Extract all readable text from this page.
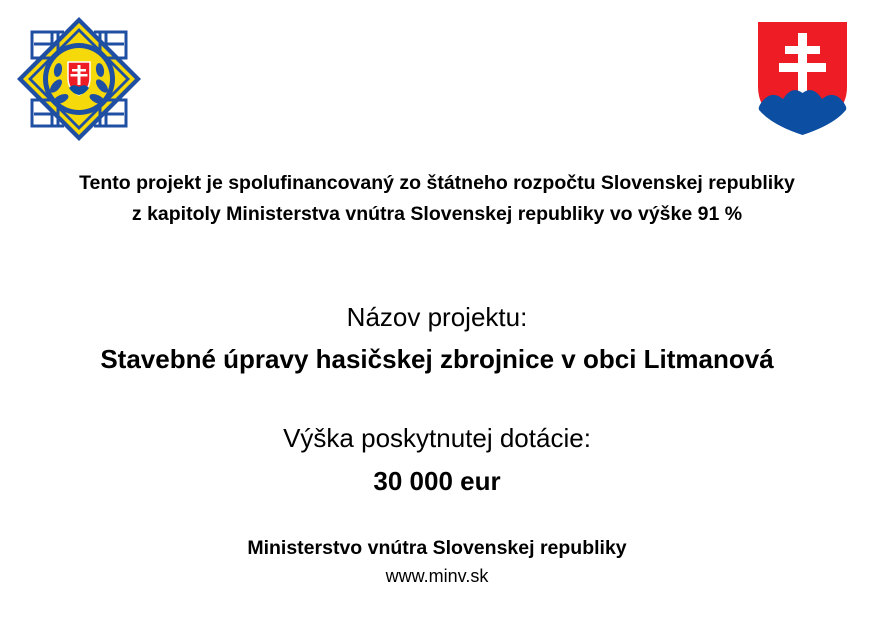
Tento projekt je spolufinancovaný zo štátneho rozpočtu Slovenskej republiky
z kapitoly Ministerstva vnútra Slovenskej republiky vo výške 91 %
Názov projektu:
Stavebné úpravy hasičskej zbrojnice v obci Litmanová
Výška poskytnutej dotácie:
30 000 eur
Ministerstvo vnútra Slovenskej republiky
www.minv.sk
